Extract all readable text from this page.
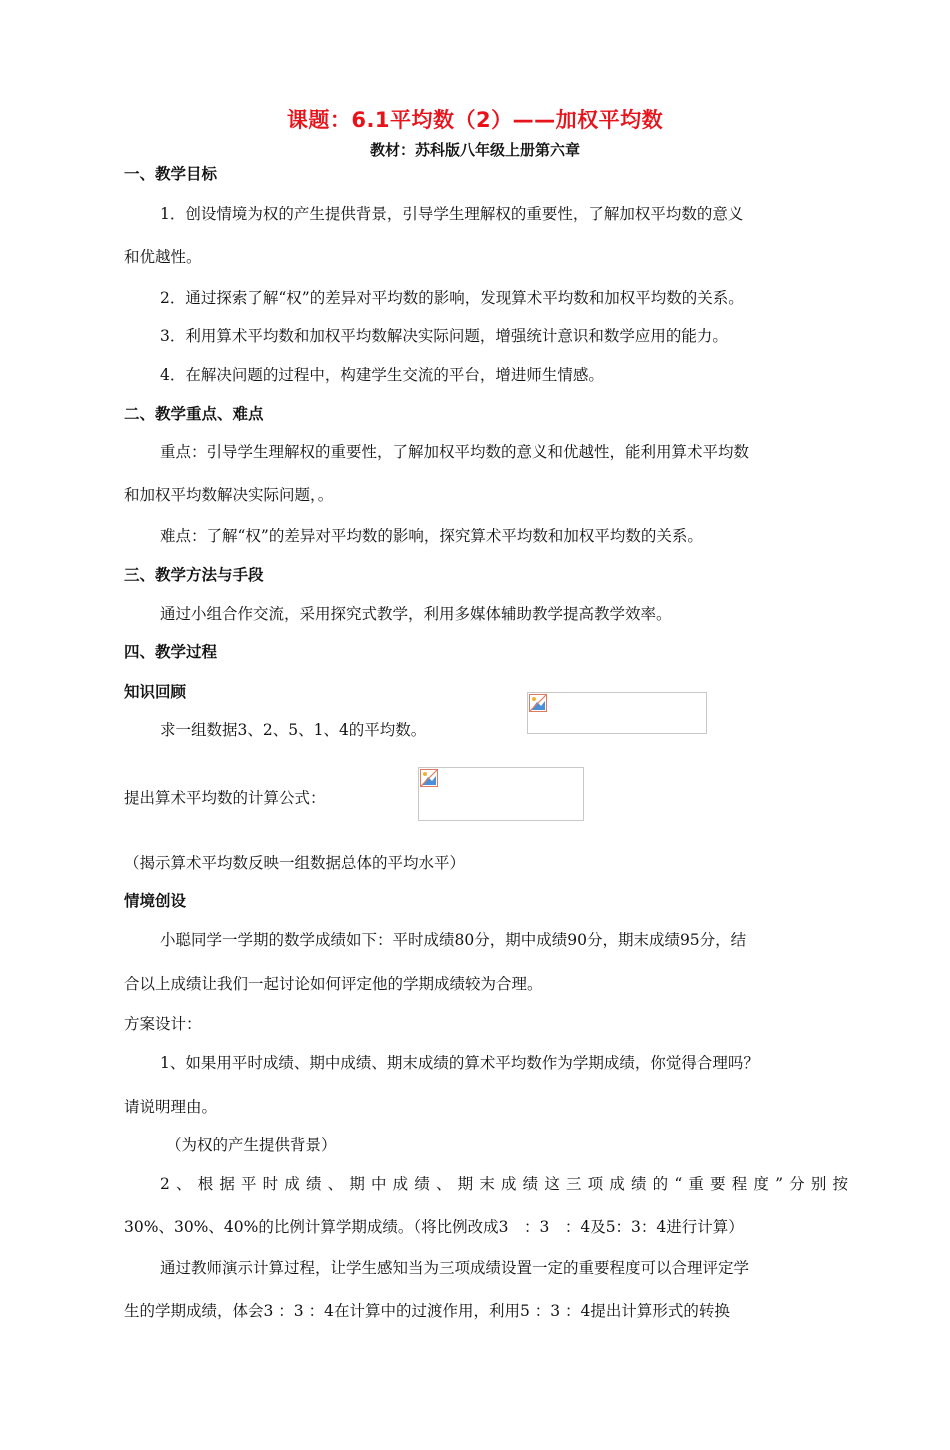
课题：6.1平均数（2）——加权平均数
教材：苏科版八年级上册第六章
一、教学目标
1．创设情境为权的产生提供背景，引导学生理解权的重要性，了解加权平均数的意义
和优越性。
2．通过探索了解“权”的差异对平均数的影响，发现算术平均数和加权平均数的关系。
3．利用算术平均数和加权平均数解决实际问题，增强统计意识和数学应用的能力。
4．在解决问题的过程中，构建学生交流的平台，增进师生情感。
二、教学重点、难点
重点：引导学生理解权的重要性，了解加权平均数的意义和优越性，能利用算术平均数
和加权平均数解决实际问题，。
难点：了解“权”的差异对平均数的影响，探究算术平均数和加权平均数的关系。
三、教学方法与手段
通过小组合作交流，采用探究式教学，利用多媒体辅助教学提高教学效率。
四、教学过程
知识回顾
求一组数据3、2、5、1、4的平均数。
提出算术平均数的计算公式：
（揭示算术平均数反映一组数据总体的平均水平）
情境创设
小聪同学一学期的数学成绩如下：平时成绩80分，期中成绩90分，期末成绩95分，结
合以上成绩让我们一起讨论如何评定他的学期成绩较为合理。
方案设计：
1、如果用平时成绩、期中成绩、期末成绩的算术平均数作为学期成绩，你觉得合理吗？
请说明理由。
（为权的产生提供背景）
2、根据平时成绩、期中成绩、期末成绩这三项成绩的“重要程度”分别按
30%、30%、40%的比例计算学期成绩。（将比例改成3　：3　：4及5：3：4进行计算）
通过教师演示计算过程，让学生感知当为三项成绩设置一定的重要程度可以合理评定学
生的学期成绩，体会3 ：3 ：4在计算中的过渡作用，利用5 ：3 ：4提出计算形式的转换
